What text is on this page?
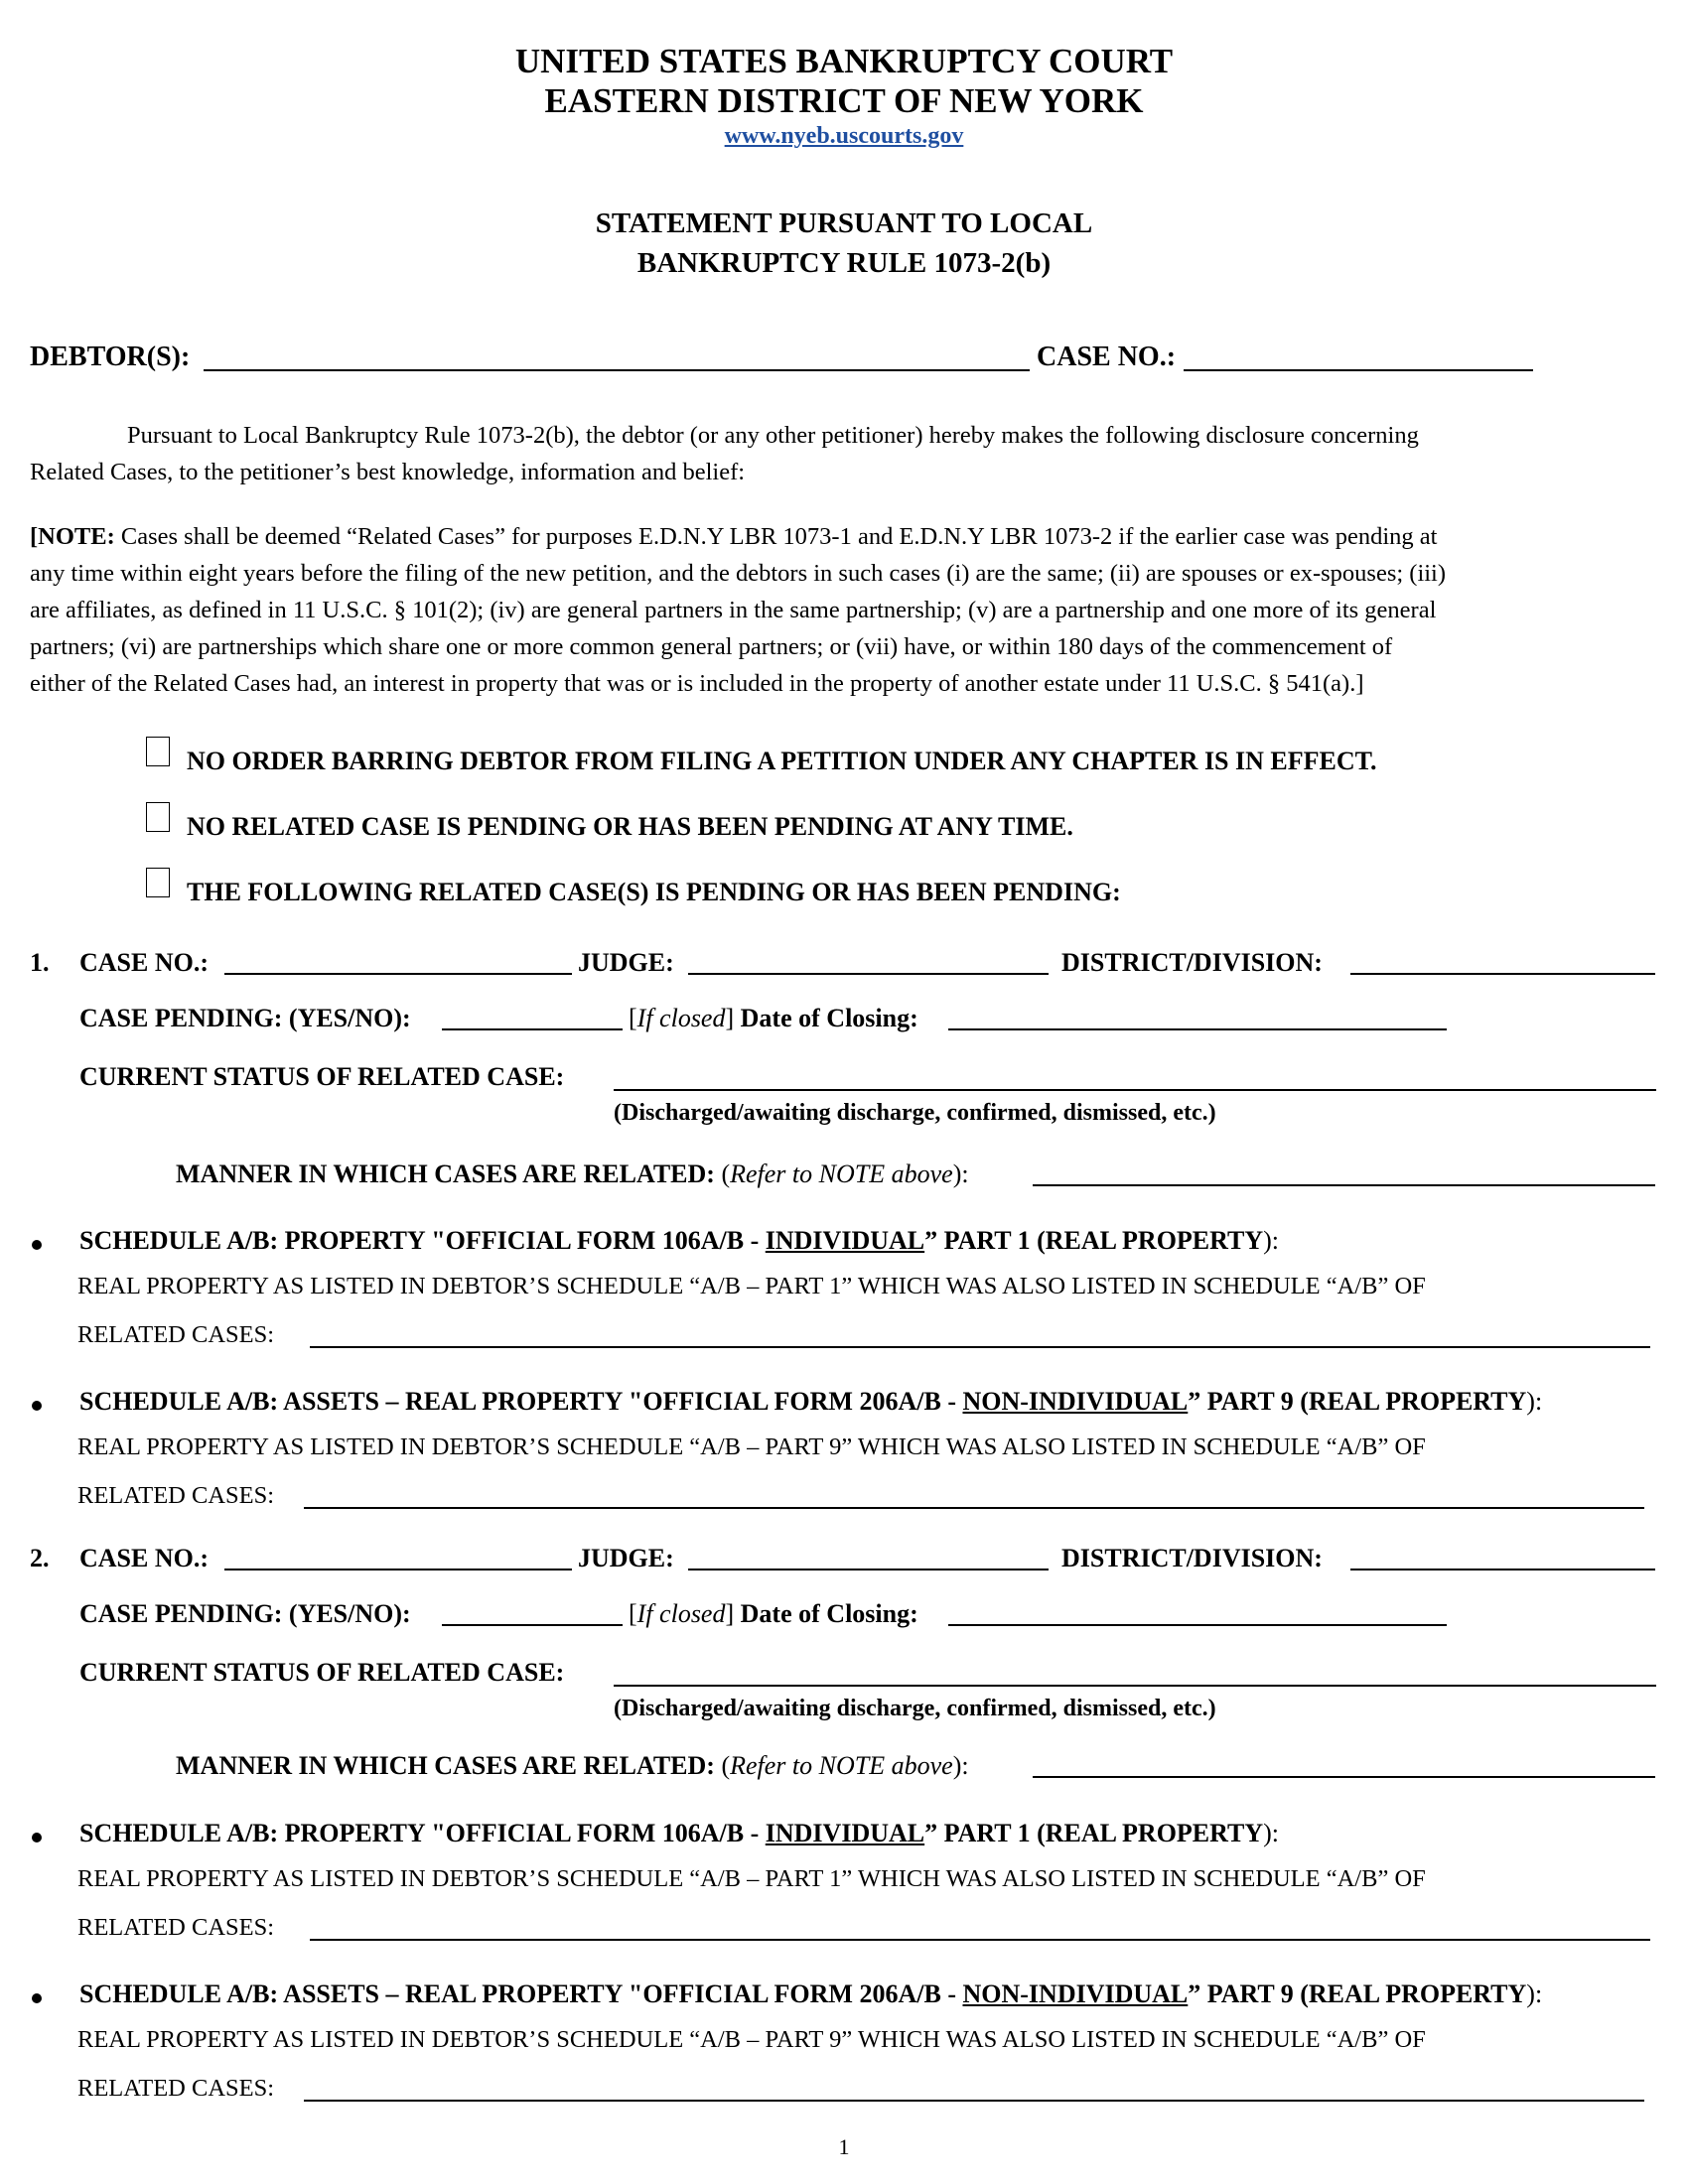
UNITED STATES BANKRUPTCY COURT
EASTERN DISTRICT OF NEW YORK
www.nyeb.uscourts.gov
STATEMENT PURSUANT TO LOCAL
BANKRUPTCY RULE 1073-2(b)
DEBTOR(S):	CASE NO.:
Pursuant to Local Bankruptcy Rule 1073-2(b), the debtor (or any other petitioner) hereby makes the following disclosure concerning
Related Cases, to the petitioner’s best knowledge, information and belief:
[NOTE: Cases shall be deemed “Related Cases” for purposes E.D.N.Y LBR 1073-1 and E.D.N.Y LBR 1073-2 if the earlier case was pending at
any time within eight years before the filing of the new petition, and the debtors in such cases (i) are the same; (ii) are spouses or ex-spouses; (iii)
are affiliates, as defined in 11 U.S.C. § 101(2); (iv) are general partners in the same partnership; (v) are a partnership and one more of its general
partners; (vi) are partnerships which share one or more common general partners; or (vii) have, or within 180 days of the commencement of
either of the Related Cases had, an interest in property that was or is included in the property of another estate under 11 U.S.C. § 541(a).]
NO ORDER BARRING DEBTOR FROM FILING A PETITION UNDER ANY CHAPTER IS IN EFFECT.
NO RELATED CASE IS PENDING OR HAS BEEN PENDING AT ANY TIME.
THE FOLLOWING RELATED CASE(S) IS PENDING OR HAS BEEN PENDING:
1. CASE NO.:	JUDGE:	DISTRICT/DIVISION:
CASE PENDING: (YES/NO):	[If closed] Date of Closing:
CURRENT STATUS OF RELATED CASE:
(Discharged/awaiting discharge, confirmed, dismissed, etc.)
MANNER IN WHICH CASES ARE RELATED: (Refer to NOTE above):
SCHEDULE A/B: PROPERTY "OFFICIAL FORM 106A/B - INDIVIDUAL” PART 1 (REAL PROPERTY):
REAL PROPERTY AS LISTED IN DEBTOR’S SCHEDULE “A/B – PART 1” WHICH WAS ALSO LISTED IN SCHEDULE “A/B” OF
RELATED CASES:
SCHEDULE A/B: ASSETS – REAL PROPERTY "OFFICIAL FORM 206A/B - NON-INDIVIDUAL” PART 9 (REAL PROPERTY):
REAL PROPERTY AS LISTED IN DEBTOR’S SCHEDULE “A/B – PART 9” WHICH WAS ALSO LISTED IN SCHEDULE “A/B” OF
RELATED CASES:
2. CASE NO.:	JUDGE:	DISTRICT/DIVISION:
CASE PENDING: (YES/NO):	[If closed] Date of Closing:
CURRENT STATUS OF RELATED CASE:
(Discharged/awaiting discharge, confirmed, dismissed, etc.)
MANNER IN WHICH CASES ARE RELATED: (Refer to NOTE above):
SCHEDULE A/B: PROPERTY "OFFICIAL FORM 106A/B - INDIVIDUAL” PART 1 (REAL PROPERTY):
REAL PROPERTY AS LISTED IN DEBTOR’S SCHEDULE “A/B – PART 1” WHICH WAS ALSO LISTED IN SCHEDULE “A/B” OF
RELATED CASES:
SCHEDULE A/B: ASSETS – REAL PROPERTY "OFFICIAL FORM 206A/B - NON-INDIVIDUAL” PART 9 (REAL PROPERTY):
REAL PROPERTY AS LISTED IN DEBTOR’S SCHEDULE “A/B – PART 9” WHICH WAS ALSO LISTED IN SCHEDULE “A/B” OF
RELATED CASES:
1
